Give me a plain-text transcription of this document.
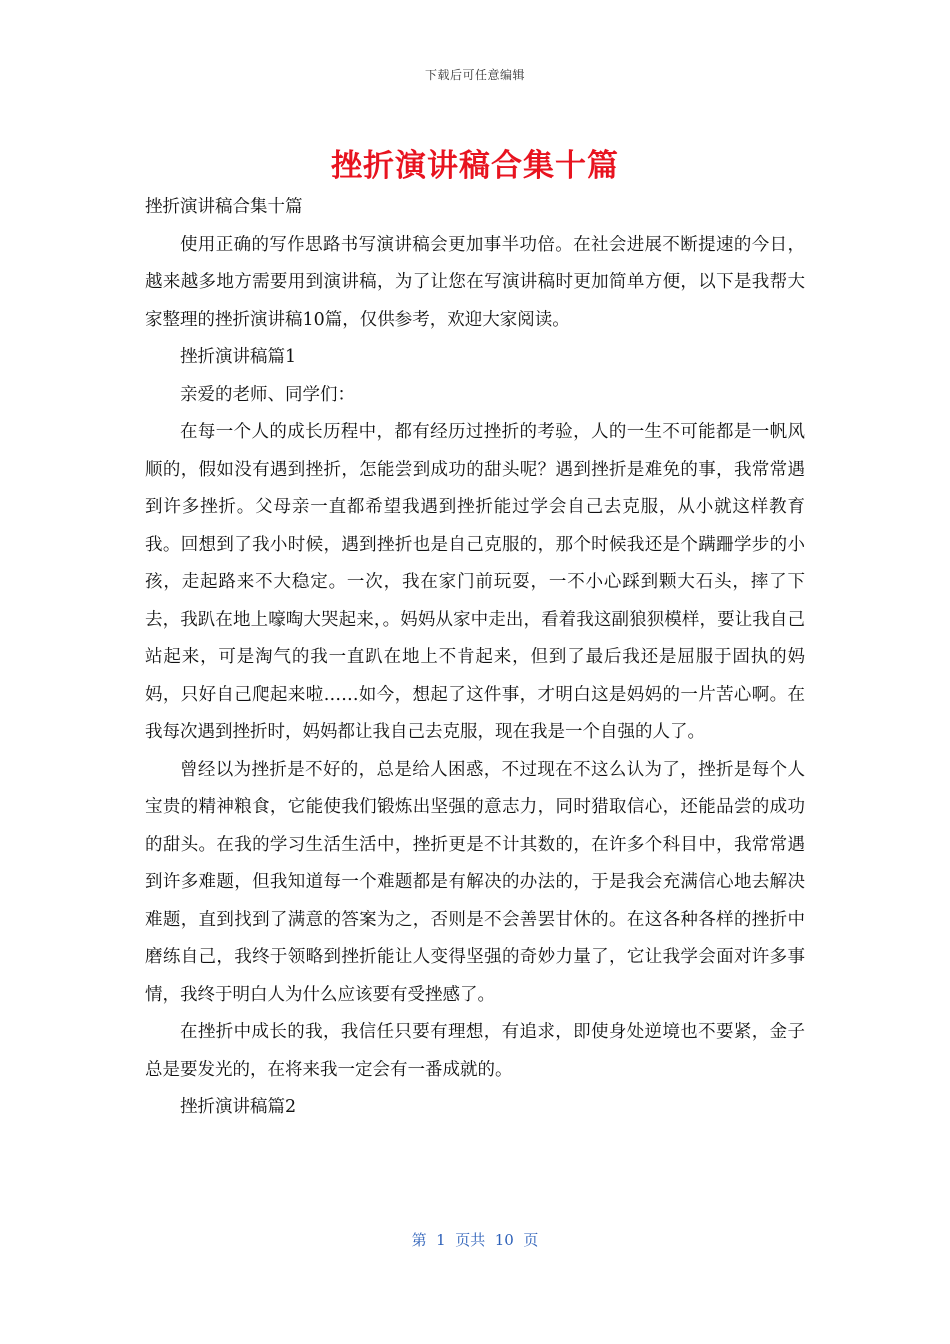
下载后可任意编辑
挫折演讲稿合集十篇

挫折演讲稿合集十篇

使用正确的写作思路书写演讲稿会更加事半功倍。在社会进展不断提速的今日，越来越多地方需要用到演讲稿，为了让您在写演讲稿时更加简单方便，以下是我帮大家整理的挫折演讲稿10篇，仅供参考，欢迎大家阅读。

挫折演讲稿篇1

亲爱的老师、同学们：

在每一个人的成长历程中，都有经历过挫折的考验，人的一生不可能都是一帆风顺的，假如没有遇到挫折，怎能尝到成功的甜头呢？遇到挫折是难免的事，我常常遇到许多挫折。父母亲一直都希望我遇到挫折能过学会自己去克服，从小就这样教育我。回想到了我小时候，遇到挫折也是自己克服的，那个时候我还是个蹒跚学步的小孩，走起路来不大稳定。一次，我在家门前玩耍，一不小心踩到颗大石头，摔了下去，我趴在地上嚎啕大哭起来，。妈妈从家中走出，看着我这副狼狈模样，要让我自己站起来，可是淘气的我一直趴在地上不肯起来，但到了最后我还是屈服于固执的妈妈，只好自己爬起来啦……如今，想起了这件事，才明白这是妈妈的一片苦心啊。在我每次遇到挫折时，妈妈都让我自己去克服，现在我是一个自强的人了。

曾经以为挫折是不好的，总是给人困惑，不过现在不这么认为了，挫折是每个人宝贵的精神粮食，它能使我们锻炼出坚强的意志力，同时猎取信心，还能品尝的成功的甜头。在我的学习生活生活中，挫折更是不计其数的，在许多个科目中，我常常遇到许多难题，但我知道每一个难题都是有解决的办法的，于是我会充满信心地去解决难题，直到找到了满意的答案为之，否则是不会善罢甘休的。在这各种各样的挫折中磨练自己，我终于领略到挫折能让人变得坚强的奇妙力量了，它让我学会面对许多事情，我终于明白人为什么应该要有受挫感了。

在挫折中成长的我，我信任只要有理想，有追求，即使身处逆境也不要紧，金子总是要发光的，在将来我一定会有一番成就的。

挫折演讲稿篇2

第  1  页共  10  页
